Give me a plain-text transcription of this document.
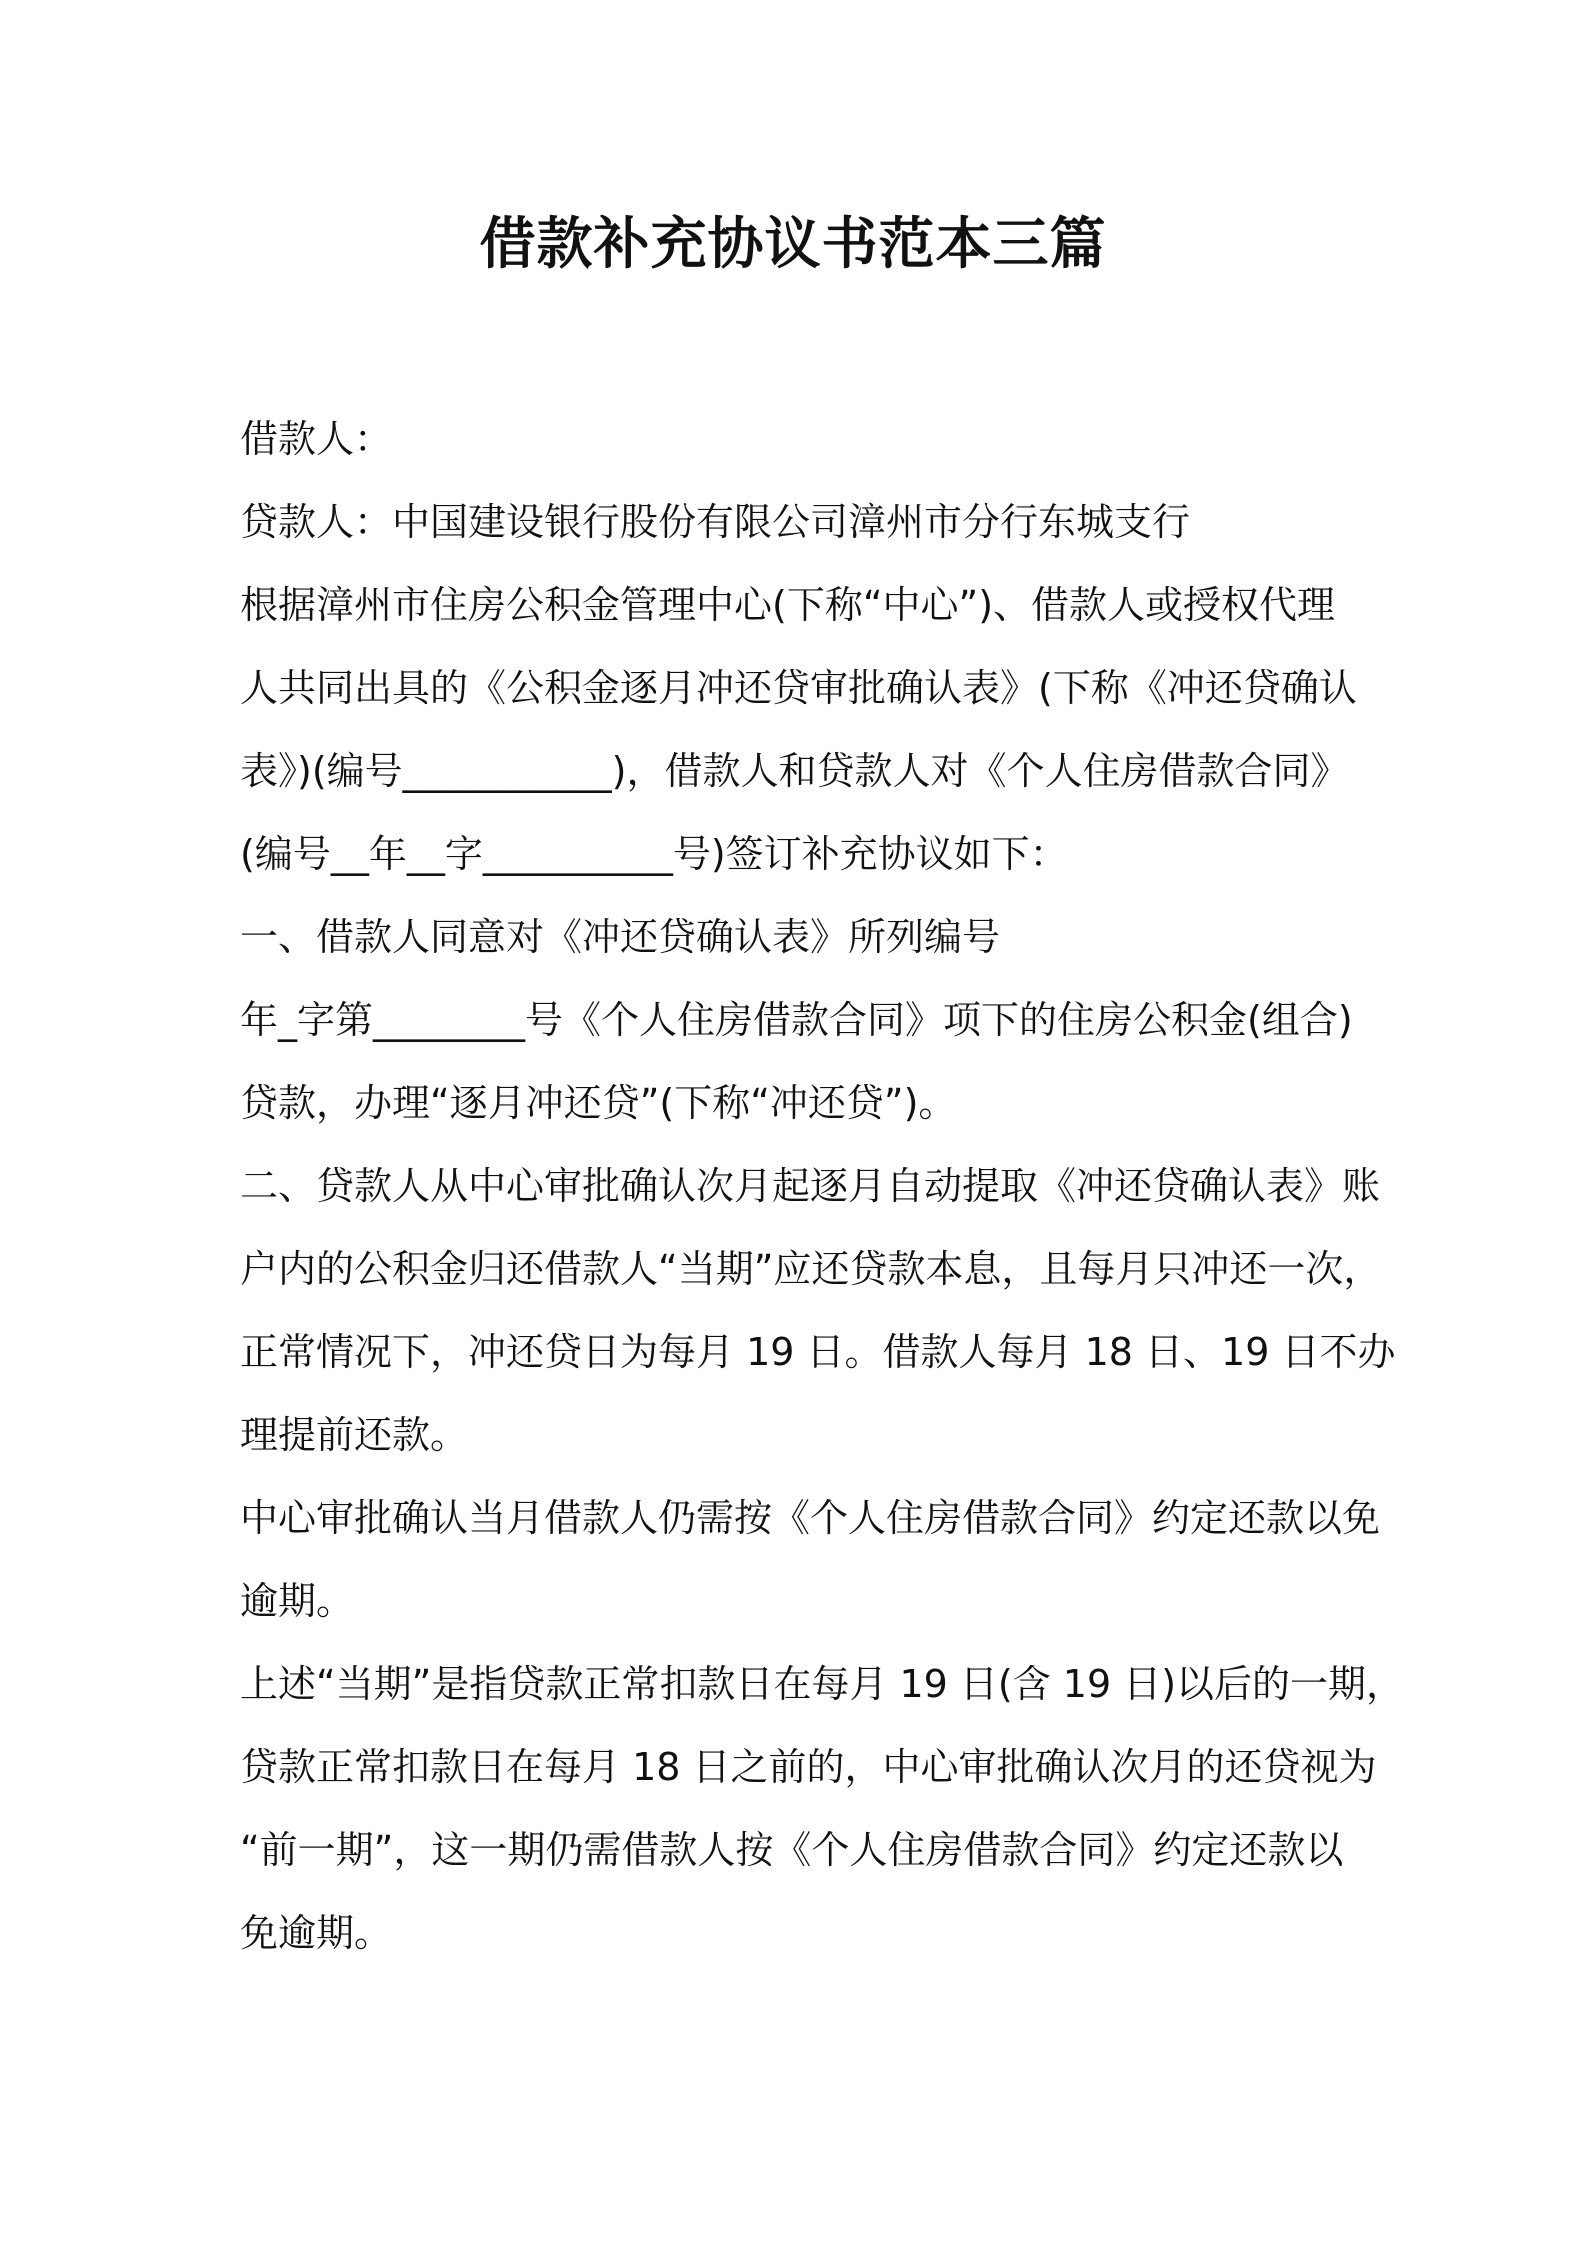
借款补充协议书范本三篇
借款人：
贷款人：中国建设银行股份有限公司漳州市分行东城支行
根据漳州市住房公积金管理中心(下称“中心”)、借款人或授权代理
人共同出具的《公积金逐月冲还贷审批确认表》(下称《冲还贷确认
表》)(编号___________)，借款人和贷款人对《个人住房借款合同》
(编号__年__字__________号)签订补充协议如下：
一、借款人同意对《冲还贷确认表》所列编号
年_字第________号《个人住房借款合同》项下的住房公积金(组合)
贷款，办理“逐月冲还贷”(下称“冲还贷”)。
二、贷款人从中心审批确认次月起逐月自动提取《冲还贷确认表》账
户内的公积金归还借款人“当期”应还贷款本息，且每月只冲还一次，
正常情况下，冲还贷日为每月 19 日。借款人每月 18 日、19 日不办
理提前还款。
中心审批确认当月借款人仍需按《个人住房借款合同》约定还款以免
逾期。
上述“当期”是指贷款正常扣款日在每月 19 日(含 19 日)以后的一期，
贷款正常扣款日在每月 18 日之前的，中心审批确认次月的还贷视为
“前一期”，这一期仍需借款人按《个人住房借款合同》约定还款以
免逾期。
